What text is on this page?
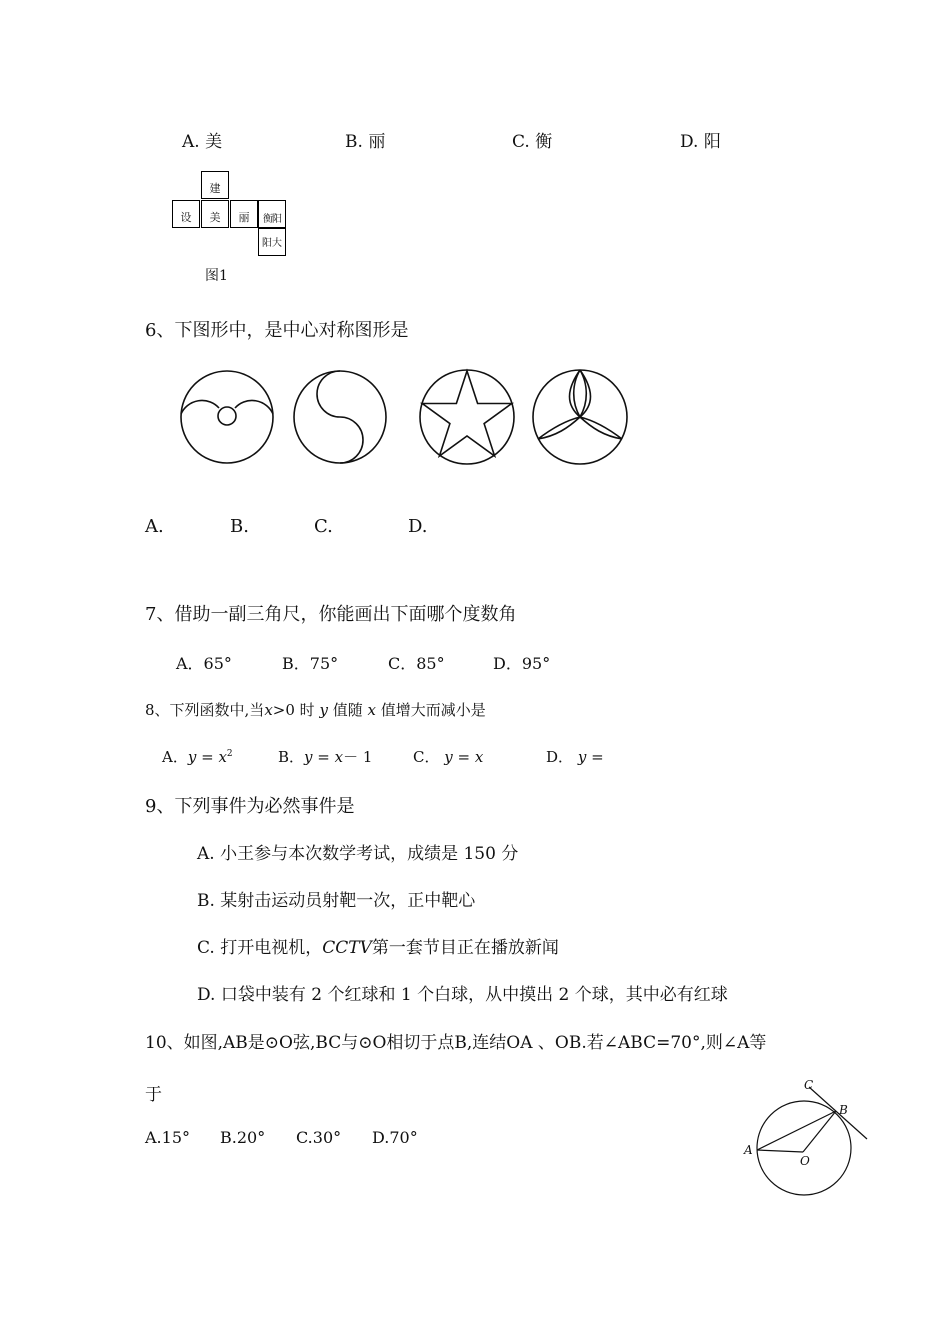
A. 美	B. 丽	C. 衡	D. 阳
建
设 美 丽 衡阳
阳大
图1
6、下图形中，是中心对称图形是
A.	B.	C.	D.
7、借助一副三角尺，你能画出下面哪个度数角
A．65°	B．75°	C．85°	D．95°
8、下列函数中,当x>0 时 y 值随 x 值增大而减小是
A．$y = x^2$	B．y = x－ 1	C． y = x	D． y =
9、下列事件为必然事件是
A. 小王参与本次数学考试，成绩是 150 分
B. 某射击运动员射靶一次，正中靶心
C. 打开电视机，CCTV第一套节目正在播放新闻
D. 口袋中装有 2 个红球和 1 个白球，从中摸出 2 个球，其中必有红球
10、如图,AB是⊙O弦,BC与⊙O相切于点B,连结OA 、OB.若∠ABC=70°,则∠A等
于
A.15° B.20° C.30° D.70°
C
B
A
O
